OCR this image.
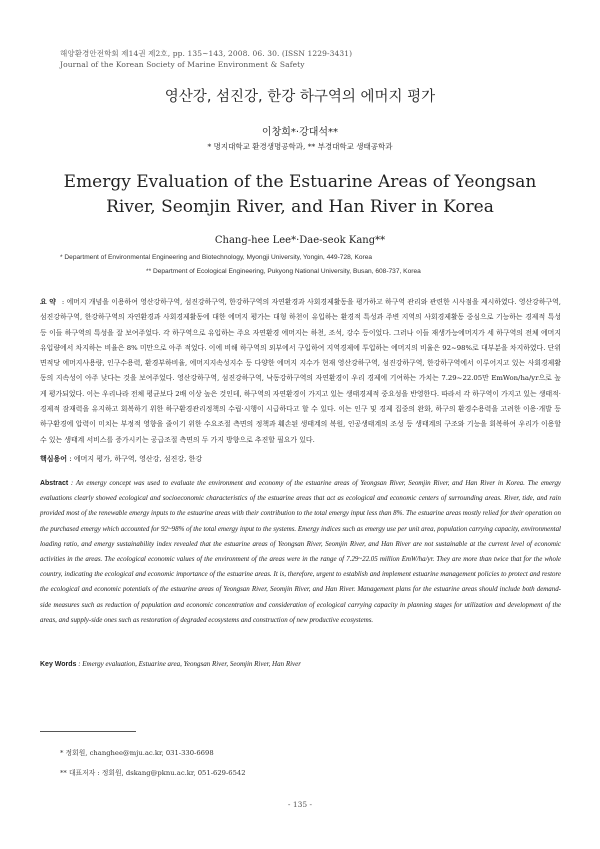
해양환경안전학회 제14권 제2호, pp. 135~143, 2008. 06. 30. (ISSN 1229-3431)
Journal of the Korean Society of Marine Environment & Safety
영산강, 섬진강, 한강 하구역의 에머지 평가
이창희*·강대석**
* 명지대학교 환경생명공학과, ** 부경대학교 생태공학과
Emergy Evaluation of the Estuarine Areas of Yeongsan River, Seomjin River, and Han River in Korea
Chang-hee Lee*·Dae-seok Kang**
* Department of Environmental Engineering and Biotechnology, Myongji University, Yongin, 449-728, Korea
** Department of Ecological Engineering, Pukyong National University, Busan, 608-737, Korea
요 약 : 에머지 개념을 이용하여 영산강하구역, 섬진강하구역, 한강하구역의 자연환경과 사회경제활동을 평가하고 하구역 관리와 관련한 시사점을 제시하였다. 영산강하구역, 섬진강하구역, 한강하구역의 자연환경과 사회경제활동에 대한 에머지 평가는 대형 하천이 유입하는 환경적 특성과 주변 지역의 사회경제활동 중심으로 기능하는 경제적 특성 등 이들 하구역의 특성을 잘 보여주었다. 각 하구역으로 유입하는 주요 자연환경 에머지는 하천, 조석, 강수 등이었다. 그러나 이들 재생가능에머지가 세 하구역의 전체 에머지 유입량에서 차지하는 비율은 8% 미만으로 아주 적었다. 이에 비해 하구역의 외부에서 구입하여 지역경제에 투입하는 에머지의 비율은 92~98%로 대부분을 차지하였다. 단위면적당 에머지사용량, 인구수용력, 환경부하비율, 에머지지속성지수 등 다양한 에머지 지수가 현재 영산강하구역, 섬진강하구역, 한강하구역에서 이루어지고 있는 사회경제활동의 지속성이 아주 낮다는 것을 보여주었다. 영산강하구역, 섬진강하구역, 낙동강하구역의 자연환경이 우리 경제에 기여하는 가치는 7.29~22.05만 EmWon/ha/yr으로 높게 평가되었다. 이는 우리나라 전체 평균보다 2배 이상 높은 것인데, 하구역의 자연환경이 가지고 있는 생태경제적 중요성을 반영한다. 따라서 각 하구역이 가지고 있는 생태적·경제적 잠재력을 유지하고 회복하기 위한 하구환경관리정책의 수립·시행이 시급하다고 할 수 있다. 이는 인구 및 경제 집중의 완화, 하구의 환경수용력을 고려한 이용·개발 등 하구환경에 압력이 미치는 부정적 영향을 줄이기 위한 수요조절 측면의 정책과 훼손된 생태계의 복원, 인공생태계의 조성 등 생태계의 구조와 기능을 회복하여 우리가 이용할 수 있는 생태계 서비스를 증가시키는 공급조절 측면의 두 가지 방향으로 추진할 필요가 있다.
핵심용어 : 에머지 평가, 하구역, 영산강, 섬진강, 한강
Abstract : An emergy concept was used to evaluate the environment and economy of the estuarine areas of Yeongsan River, Seomjin River, and Han River in Korea. The emergy evaluations clearly showed ecological and socioeconomic characteristics of the estuarine areas that act as ecological and economic centers of surrounding areas. River, tide, and rain provided most of the renewable emergy inputs to the estuarine areas with their contribution to the total emergy input less than 8%. The estuarine areas mostly relied for their operation on the purchased emergy which accounted for 92~98% of the total emergy input to the systems. Emergy indices such as emergy use per unit area, population carrying capacity, environmental loading ratio, and emergy sustainability index revealed that the estuarine areas of Yeongsan River, Seomjin River, and Han River are not sustainable at the current level of economic activities in the areas. The ecological economic values of the environment of the areas were in the range of 7.29~22.05 million EmW/ha/yr. They are more than twice that for the whole country, indicating the ecological and economic importance of the estuarine areas. It is, therefore, urgent to establish and implement estuarine management policies to protect and restore the ecological and economic potentials of the estuarine areas of Yeongsan River, Seomjin River, and Han River. Management plans for the estuarine areas should include both demand-side measures such as reduction of population and economic concentration and consideration of ecological carrying capacity in planning stages for utilization and development of the areas, and supply-side ones such as restoration of degraded ecosystems and construction of new productive ecosystems.
Key Words : Emergy evaluation, Estuarine area, Yeongsan River, Seomjin River, Han River
* 정회원, changhee@mju.ac.kr, 031-330-6698
** 대표저자 : 정회원, dskang@pknu.ac.kr, 051-629-6542
- 135 -
